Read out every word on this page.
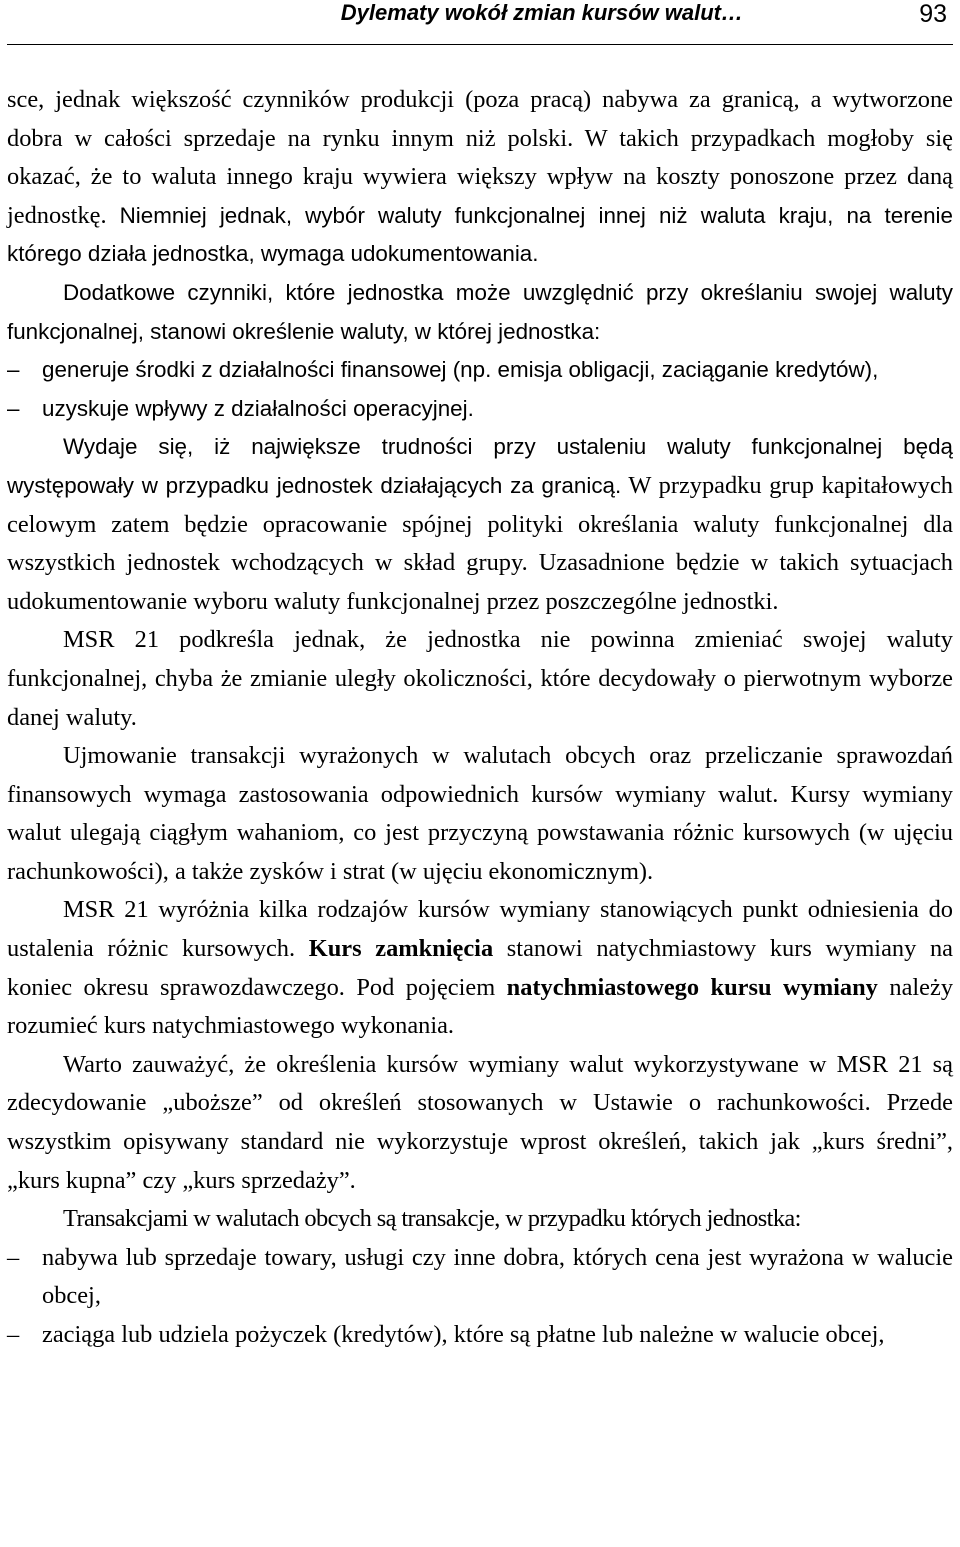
Dylematy wokół zmian kursów walut…	93

sce, jednak większość czynników produkcji (poza pracą) nabywa za granicą, a wytworzone dobra w całości sprzedaje na rynku innym niż polski. W takich przypadkach mogłoby się okazać, że to waluta innego kraju wywiera większy wpływ na koszty ponoszone przez daną jednostkę. Niemniej jednak, wybór waluty funkcjonalnej innej niż waluta kraju, na terenie którego działa jednostka, wymaga udokumentowania.

Dodatkowe czynniki, które jednostka może uwzględnić przy określaniu swojej waluty funkcjonalnej, stanowi określenie waluty, w której jednostka:

– generuje środki z działalności finansowej (np. emisja obligacji, zaciąganie kredytów),
– uzyskuje wpływy z działalności operacyjnej.

Wydaje się, iż największe trudności przy ustaleniu waluty funkcjonalnej będą występowały w przypadku jednostek działających za granicą. W przypadku grup kapitałowych celowym zatem będzie opracowanie spójnej polityki określania waluty funkcjonalnej dla wszystkich jednostek wchodzących w skład grupy. Uzasadnione będzie w takich sytuacjach udokumentowanie wyboru waluty funkcjonalnej przez poszczególne jednostki.

MSR 21 podkreśla jednak, że jednostka nie powinna zmieniać swojej waluty funkcjonalnej, chyba że zmianie uległy okoliczności, które decydowały o pierwotnym wyborze danej waluty.

Ujmowanie transakcji wyrażonych w walutach obcych oraz przeliczanie sprawozdań finansowych wymaga zastosowania odpowiednich kursów wymiany walut. Kursy wymiany walut ulegają ciągłym wahaniom, co jest przyczyną powstawania różnic kursowych (w ujęciu rachunkowości), a także zysków i strat (w ujęciu ekonomicznym).

MSR 21 wyróżnia kilka rodzajów kursów wymiany stanowiących punkt odniesienia do ustalenia różnic kursowych. Kurs zamknięcia stanowi natychmiastowy kurs wymiany na koniec okresu sprawozdawczego. Pod pojęciem natychmiastowego kursu wymiany należy rozumieć kurs natychmiastowego wykonania.

Warto zauważyć, że określenia kursów wymiany walut wykorzystywane w MSR 21 są zdecydowanie „uboższe” od określeń stosowanych w Ustawie o rachunkowości. Przede wszystkim opisywany standard nie wykorzystuje wprost określeń, takich jak „kurs średni”, „kurs kupna” czy „kurs sprzedaży”.

Transakcjami w walutach obcych są transakcje, w przypadku których jednostka:

– nabywa lub sprzedaje towary, usługi czy inne dobra, których cena jest wyrażona w walucie obcej,
– zaciąga lub udziela pożyczek (kredytów), które są płatne lub należne w walucie obcej,
